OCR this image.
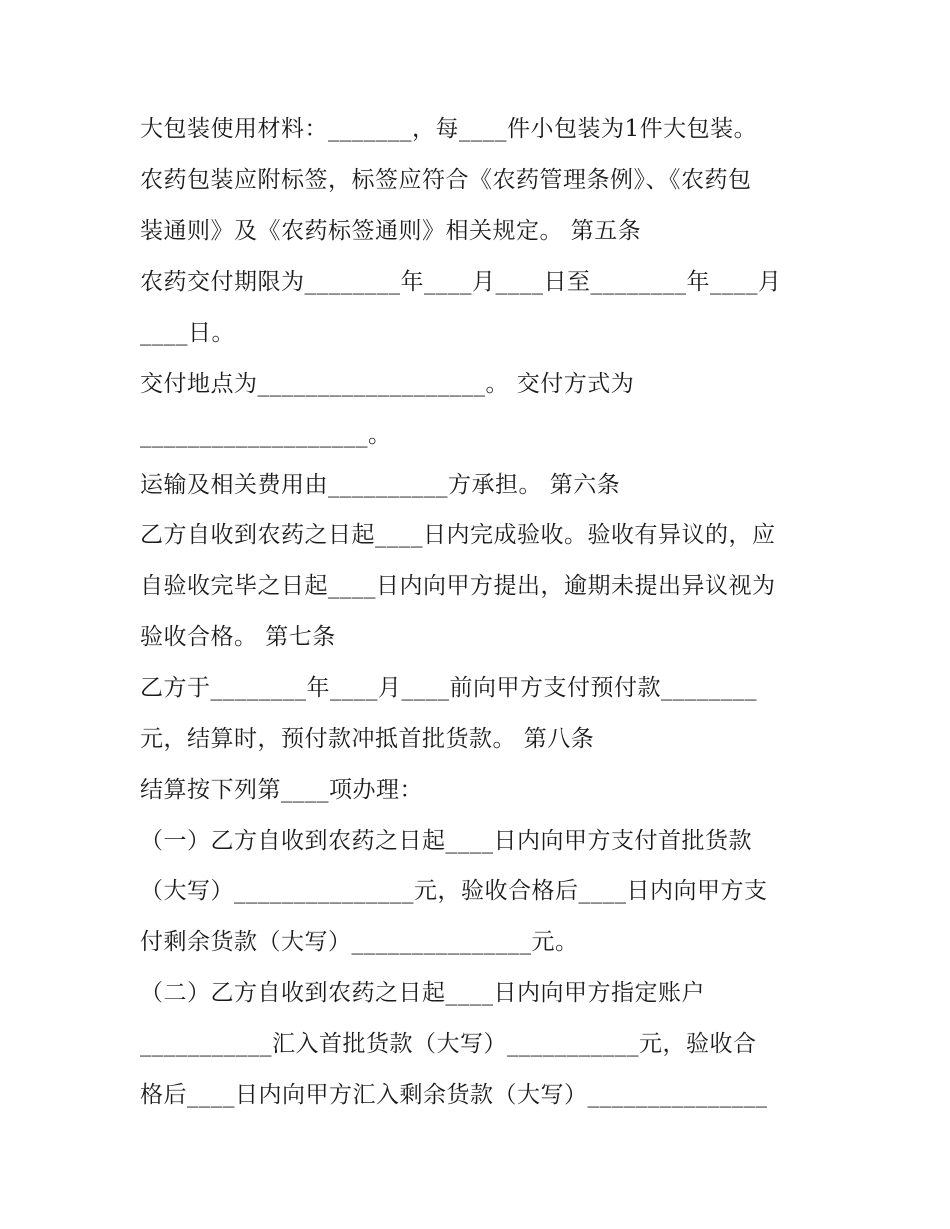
大包装使用材料：_______，每____件小包装为1件大包装。
农药包装应附标签，标签应符合《农药管理条例》、《农药包
装通则》及《农药标签通则》相关规定。 第五条
农药交付期限为________年____月____日至________年____月
____日。
交付地点为___________________。 交付方式为
___________________。
运输及相关费用由__________方承担。 第六条
乙方自收到农药之日起____日内完成验收。验收有异议的，应
自验收完毕之日起____日内向甲方提出，逾期未提出异议视为
验收合格。 第七条
乙方于________年____月____前向甲方支付预付款________
元，结算时，预付款冲抵首批货款。 第八条
结算按下列第____项办理：
（一）乙方自收到农药之日起____日内向甲方支付首批货款
（大写）_______________元，验收合格后____日内向甲方支
付剩余货款（大写）_______________元。
（二）乙方自收到农药之日起____日内向甲方指定账户
___________汇入首批货款（大写）___________元，验收合
格后____日内向甲方汇入剩余货款（大写）_______________
